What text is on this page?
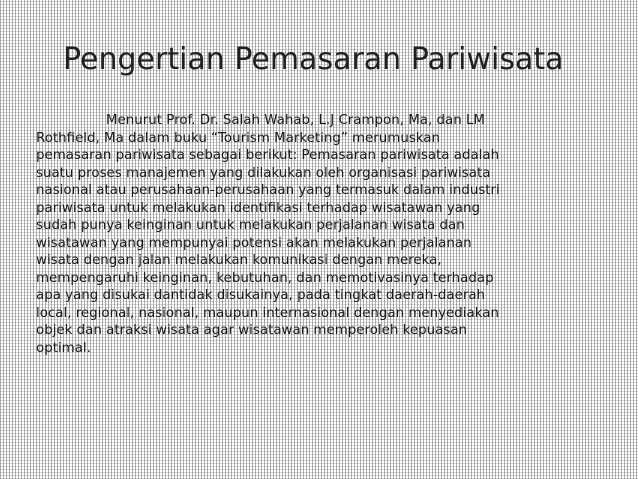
Pengertian Pemasaran Pariwisata
Menurut Prof. Dr. Salah Wahab, L.J Crampon, Ma, dan LM
Rothfield, Ma dalam buku “Tourism Marketing” merumuskan
pemasaran pariwisata sebagai berikut: Pemasaran pariwisata adalah
suatu proses manajemen yang dilakukan oleh organisasi pariwisata
nasional atau perusahaan-perusahaan yang termasuk dalam industri
pariwisata untuk melakukan identifikasi terhadap wisatawan yang
sudah punya keinginan untuk melakukan perjalanan wisata dan
wisatawan yang mempunyai potensi akan melakukan perjalanan
wisata dengan jalan melakukan komunikasi dengan mereka,
mempengaruhi keinginan, kebutuhan, dan memotivasinya terhadap
apa yang disukai dantidak disukainya, pada tingkat daerah-daerah
local, regional, nasional, maupun internasional dengan menyediakan
objek dan atraksi wisata agar wisatawan memperoleh kepuasan
optimal.
